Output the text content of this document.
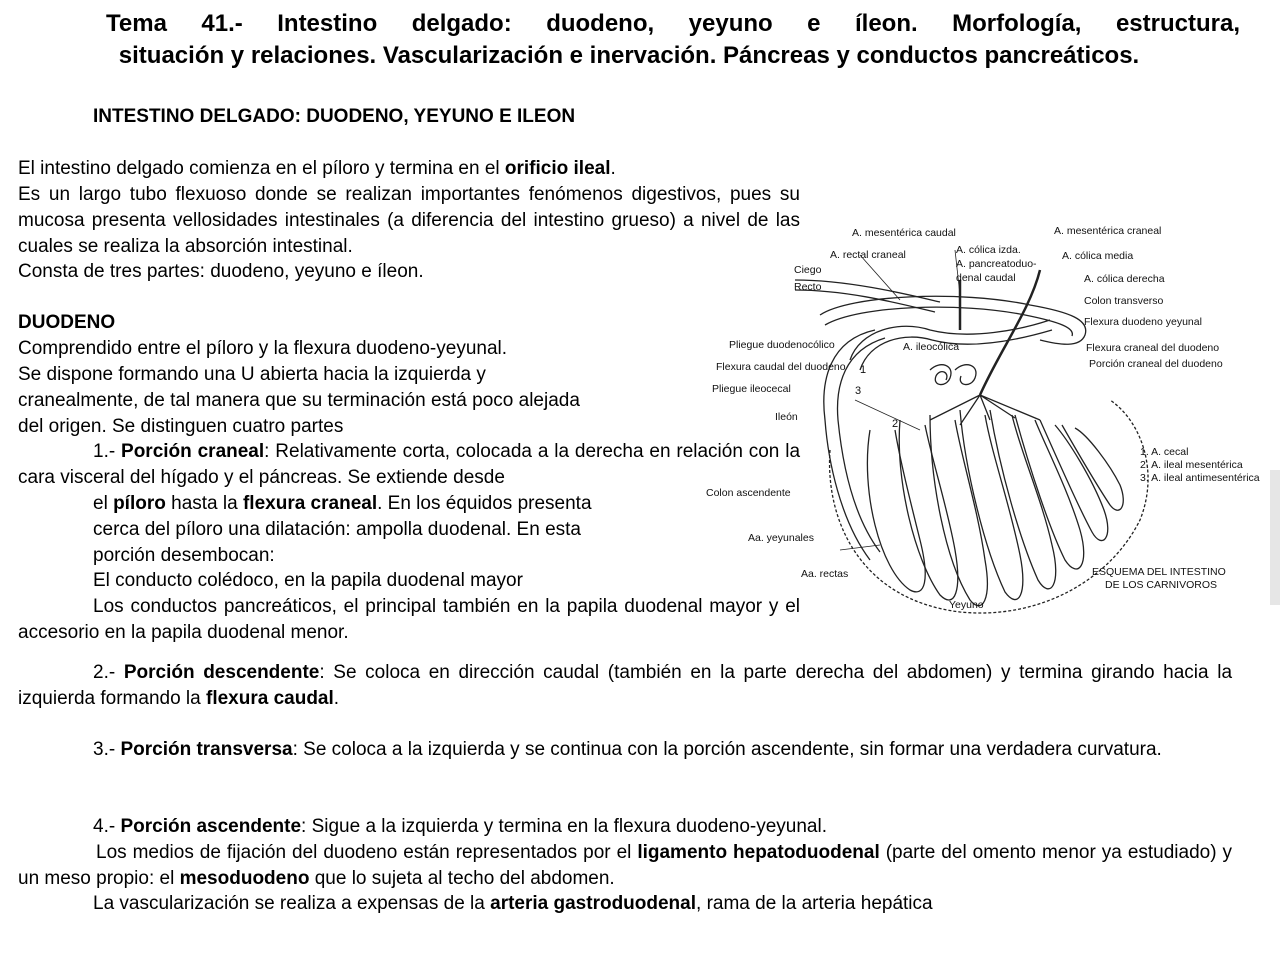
Tema 41.- Intestino delgado: duodeno, yeyuno e íleon. Morfología, estructura,
situación y relaciones. Vascularización e inervación. Páncreas y conductos pancreáticos.
INTESTINO DELGADO: DUODENO, YEYUNO E ILEON
El intestino delgado comienza en el píloro y termina en el orificio ileal.
Es un largo tubo flexuoso donde se realizan importantes fenómenos digestivos, pues su mucosa presenta vellosidades intestinales (a diferencia del intestino grueso) a nivel de las cuales se realiza la absorción intestinal.
Consta de tres partes: duodeno, yeyuno e íleon.
DUODENO
Comprendido entre el píloro y la flexura duodeno-yeyunal.
Se dispone formando una U abierta hacia la izquierda y
cranealmente, de tal manera que su terminación está poco alejada
del origen. Se distinguen cuatro partes
1.- Porción craneal: Relativamente corta, colocada a la derecha en relación con la cara visceral del hígado y el páncreas. Se extiende desde
el píloro hasta la flexura craneal. En los équidos presenta
cerca del píloro una dilatación: ampolla duodenal. En esta
porción desembocan:
El conducto colédoco, en la papila duodenal mayor
Los conductos pancreáticos, el principal también en la papila duodenal mayor y el accesorio en la papila duodenal menor.
2.- Porción descendente: Se coloca en dirección caudal (también en la parte derecha del abdomen) y termina girando hacia la izquierda formando la flexura caudal.
3.- Porción transversa: Se coloca a la izquierda y se continua con la porción ascendente, sin formar una verdadera curvatura.
4.- Porción ascendente: Sigue a la izquierda y termina en la flexura duodeno-yeyunal.
Los medios de fijación del duodeno están representados por el ligamento hepatoduodenal (parte del omento menor ya estudiado) y un meso propio: el mesoduodeno que lo sujeta al techo del abdomen.
La vascularización se realiza a expensas de la arteria gastroduodenal, rama de la arteria hepática
A. mesentérica caudal	A. mesentérica craneal
A. rectal craneal	A. cólica izda.
A. pancreatoduo-
denal caudal
A. cólica media
Ciego
Recto
A. cólica derecha
Colon transverso
Flexura duodeno yeyunal
Pliegue duodenocólico	A. ileocólica	Flexura craneal del duodeno
Porción craneal del duodeno
Flexura caudal del duodeno
Pliegue ileocecal
1
3
2
Ileón
1. A. cecal
2. A. ileal mesentérica
3. A. ileal antimesentérica
Colon ascendente
Aa. yeyunales
Aa. rectas	ESQUEMA DEL INTESTINO
DE LOS CARNIVOROS
Yeyuno
